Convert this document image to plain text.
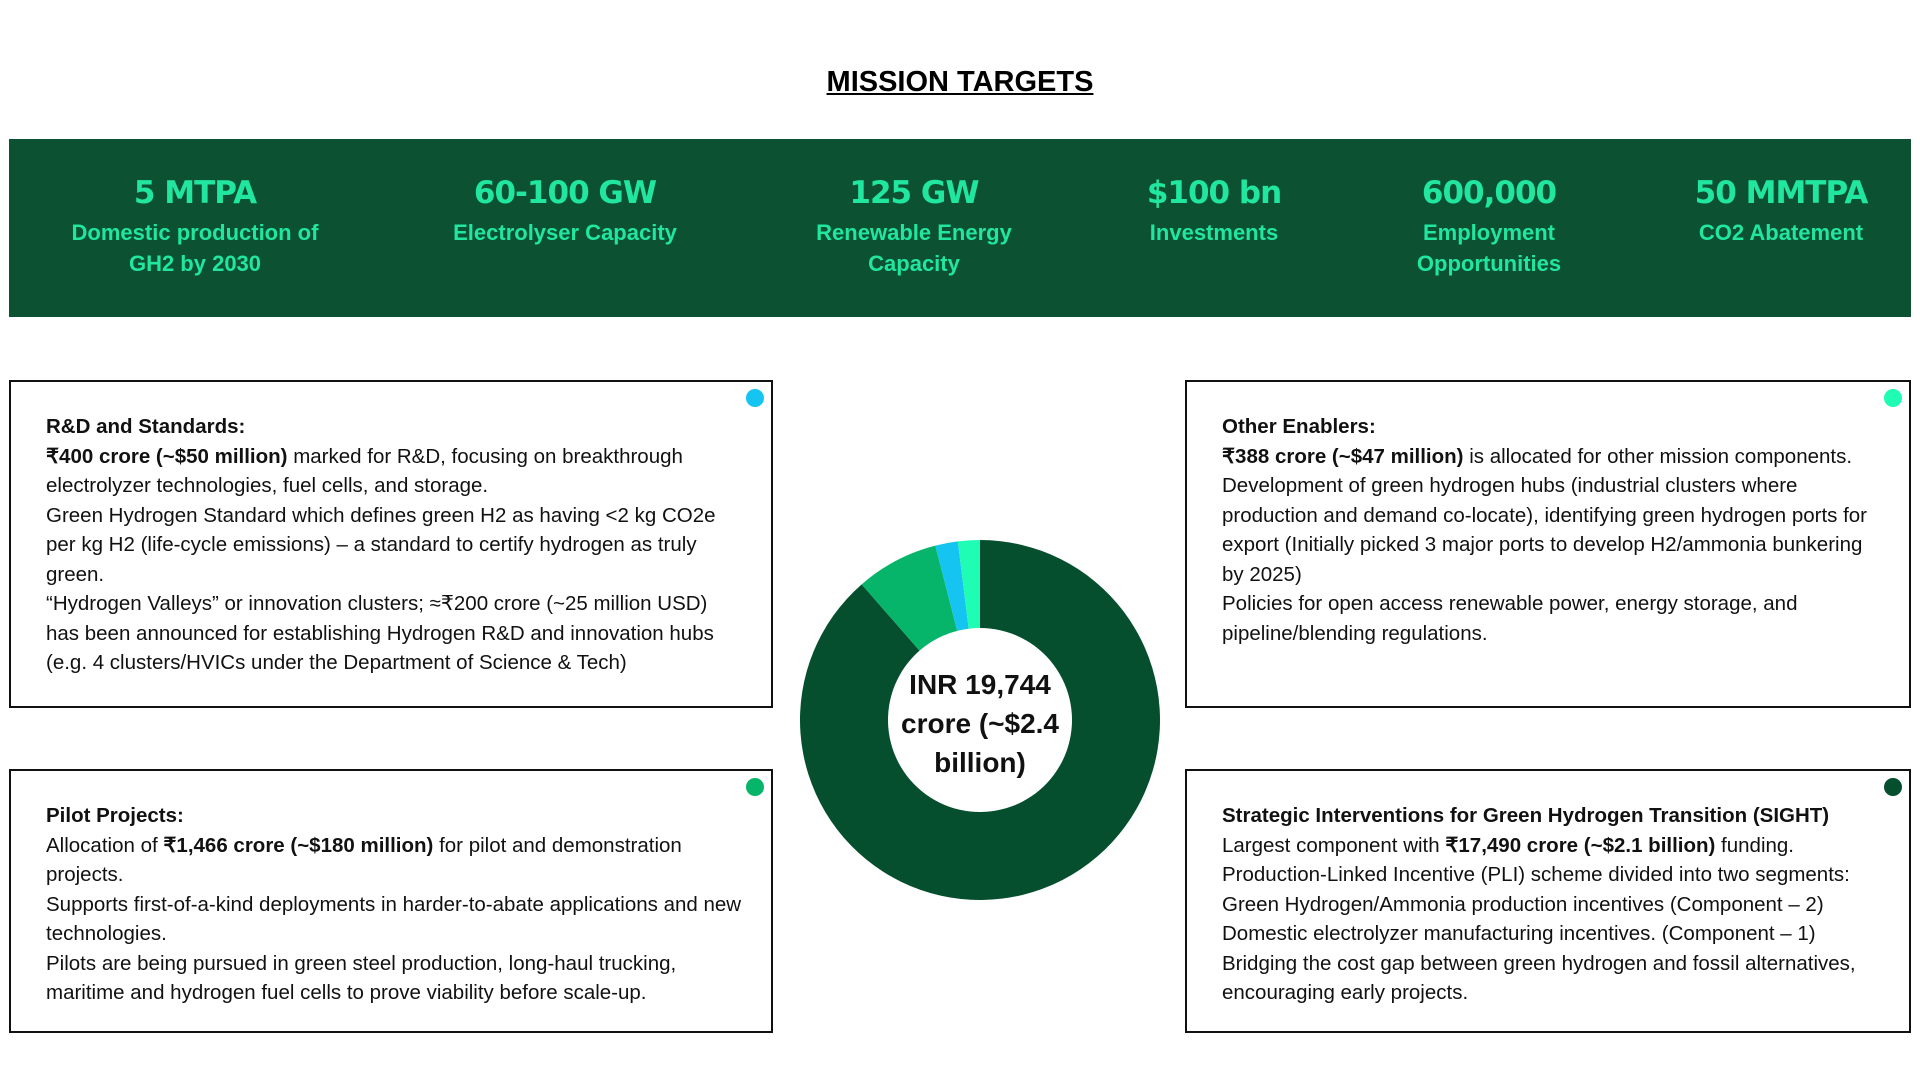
MISSION TARGETS
5 MTPA
Domestic production of
GH2 by 2030
60-100 GW
Electrolyser Capacity

125 GW
Renewable Energy
Capacity
$100 bn
Investments

600,000
Employment
Opportunities
50 MMTPA
CO2 Abatement

R&D and Standards:

₹400 crore (~$50 million) marked for R&D, focusing on breakthrough electrolyzer technologies, fuel cells, and storage.

Green Hydrogen Standard which defines green H2 as having <2 kg CO2e per kg H2 (life-cycle emissions) – a standard to certify hydrogen as truly green.

“Hydrogen Valleys” or innovation clusters; ≈₹200 crore (~25 million USD) has been announced for establishing Hydrogen R&D and innovation hubs (e.g. 4 clusters/HVICs under the Department of Science & Tech)

Pilot Projects:

Allocation of ₹1,466 crore (~$180 million) for pilot and demonstration projects.

Supports first-of-a-kind deployments in harder-to-abate applications and new technologies.

Pilots are being pursued in green steel production, long-haul trucking, maritime and hydrogen fuel cells to prove viability before scale-up.

Other Enablers:

₹388 crore (~$47 million) is allocated for other mission components.

Development of green hydrogen hubs (industrial clusters where production and demand co-locate), identifying green hydrogen ports for export (Initially picked 3 major ports to develop H2/ammonia bunkering by 2025)

Policies for open access renewable power, energy storage, and pipeline/blending regulations.

Strategic Interventions for Green Hydrogen Transition (SIGHT)

Largest component with ₹17,490 crore (~$2.1 billion) funding.

Production-Linked Incentive (PLI) scheme divided into two segments:

Green Hydrogen/Ammonia production incentives (Component – 2)

Domestic electrolyzer manufacturing incentives. (Component – 1)

Bridging the cost gap between green hydrogen and fossil alternatives, encouraging early projects.

INR 19,744
crore (~$2.4
billion)
